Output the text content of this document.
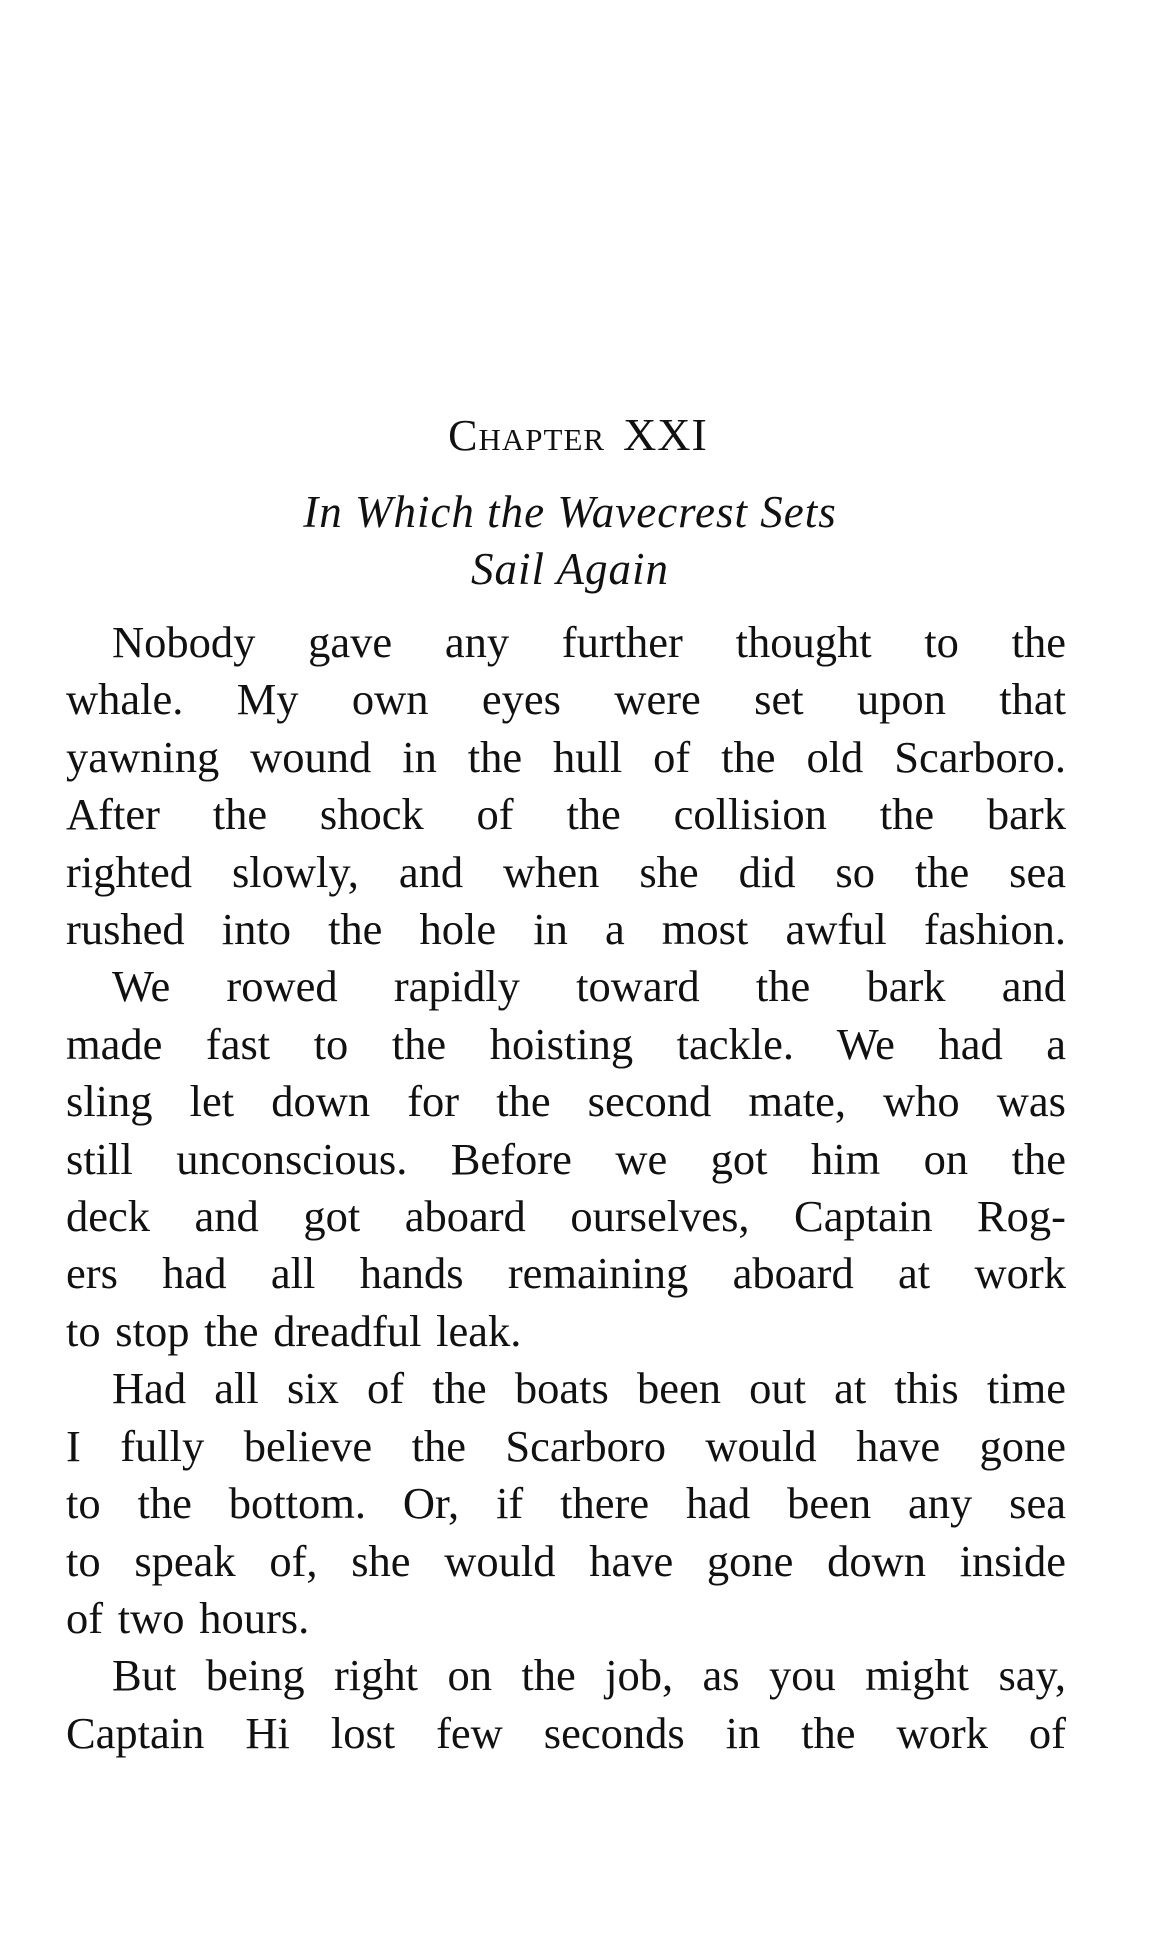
Chapter XXI
In Which the Wavecrest Sets
Sail Again
Nobody gave any further thought to the
whale. My own eyes were set upon that
yawning wound in the hull of the old Scarboro.
After the shock of the collision the bark
righted slowly, and when she did so the sea
rushed into the hole in a most awful fashion.
We rowed rapidly toward the bark and
made fast to the hoisting tackle. We had a
sling let down for the second mate, who was
still unconscious. Before we got him on the
deck and got aboard ourselves, Captain Rog-
ers had all hands remaining aboard at work
to stop the dreadful leak.
Had all six of the boats been out at this time
I fully believe the Scarboro would have gone
to the bottom. Or, if there had been any sea
to speak of, she would have gone down inside
of two hours.
But being right on the job, as you might say,
Captain Hi lost few seconds in the work of
